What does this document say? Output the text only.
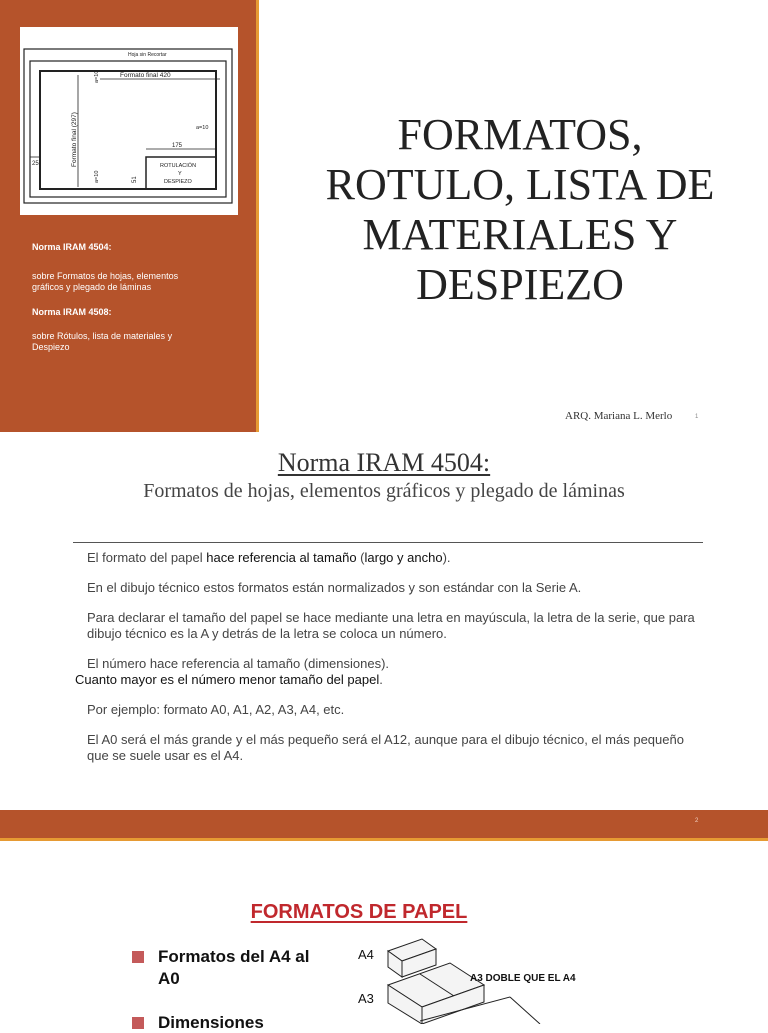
Hoja sin Recortar
Formato final 420
Formato final (297)
a=10
a=10
a=10
25
175
51
ROTULACIÓN
Y
DESPIEZO
Norma IRAM 4504:
sobre Formatos de hojas, elementos gráficos y plegado de láminas
Norma IRAM 4508:
sobre Rótulos, lista de materiales y Despiezo
FORMATOS,
ROTULO, LISTA DE
MATERIALES Y
DESPIEZO
ARQ. Mariana L. Merlo	1
Norma IRAM 4504:
Formatos de hojas, elementos gráficos y plegado de láminas

El formato del papel hace referencia al tamaño (largo y ancho).

En el dibujo técnico estos formatos están normalizados y son estándar con la Serie A.

Para declarar el tamaño del papel se hace mediante una letra en mayúscula, la letra de la serie, que para dibujo técnico es la A y detrás de la letra se coloca un número.

El número hace referencia al tamaño (dimensiones).
Cuanto mayor es el número menor tamaño del papel.

Por ejemplo: formato A0, A1, A2, A3, A4, etc.

El A0 será el más grande y el más pequeño será el A12, aunque para el dibujo técnico, el más pequeño que se suele usar es el A4.

2
FORMATOS DE PAPEL
Formatos del A4 al
A0
Dimensiones
A4
A3
A3 DOBLE QUE EL A4
